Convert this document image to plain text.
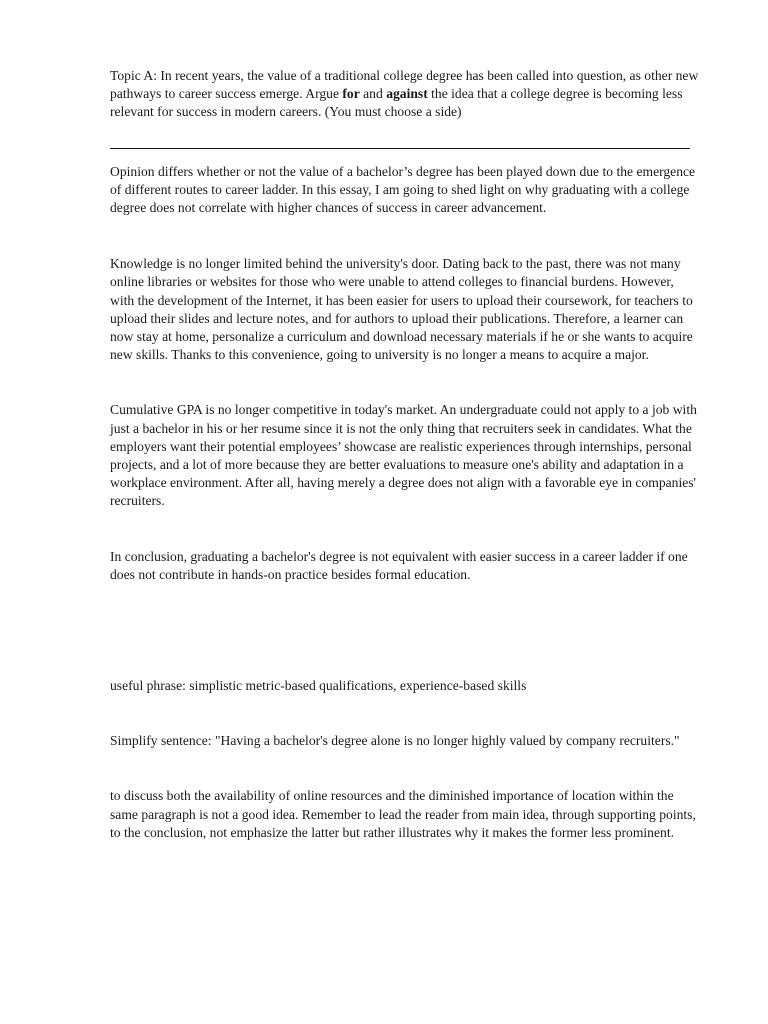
Topic A: In recent years, the value of a traditional college degree has been called into question, as other new pathways to career success emerge. Argue for and against the idea that a college degree is becoming less relevant for success in modern careers. (You must choose a side)

Opinion differs whether or not the value of a bachelor’s degree has been played down due to the emergence of different routes to career ladder. In this essay, I am going to shed light on why graduating with a college degree does not correlate with higher chances of success in career advancement.

Knowledge is no longer limited behind the university's door. Dating back to the past, there was not many online libraries or websites for those who were unable to attend colleges to financial burdens. However, with the development of the Internet, it has been easier for users to upload their coursework, for teachers to upload their slides and lecture notes, and for authors to upload their publications. Therefore, a learner can now stay at home, personalize a curriculum and download necessary materials if he or she wants to acquire new skills. Thanks to this convenience, going to university is no longer a means to acquire a major.

Cumulative GPA is no longer competitive in today's market. An undergraduate could not apply to a job with just a bachelor in his or her resume since it is not the only thing that recruiters seek in candidates. What the employers want their potential employees’ showcase are realistic experiences through internships, personal projects, and a lot of more because they are better evaluations to measure one's ability and adaptation in a workplace environment. After all, having merely a degree does not align with a favorable eye in companies' recruiters.

In conclusion, graduating a bachelor's degree is not equivalent with easier success in a career ladder if one does not contribute in hands-on practice besides formal education.

useful phrase: simplistic metric-based qualifications, experience-based skills

Simplify sentence: "Having a bachelor's degree alone is no longer highly valued by company recruiters."

to discuss both the availability of online resources and the diminished importance of location within the same paragraph is not a good idea. Remember to lead the reader from main idea, through supporting points, to the conclusion, not emphasize the latter but rather illustrates why it makes the former less prominent.
